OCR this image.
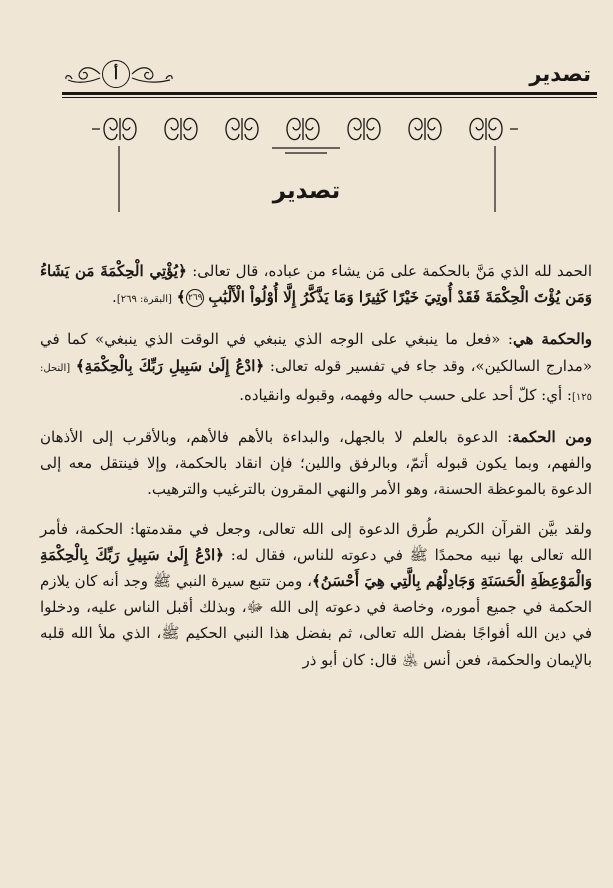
أ	تصدير
تصدير

الحمد لله الذي مَنَّ بالحكمة على مَن يشاء من عباده، قال تعالى: ﴿يُؤْتِي الْحِكْمَةَ مَن يَشَاءُ وَمَن يُؤْتَ الْحِكْمَةَ فَقَدْ أُوتِيَ خَيْرًا كَثِيرًا وَمَا يَذَّكَّرُ إِلَّا أُوْلُواْ الْأَلْبَٰبِ ٢٦٩﴾ [البقرة: ٢٦٩].

والحكمة هي: «فعل ما ينبغي على الوجه الذي ينبغي في الوقت الذي ينبغي» كما في «مدارج السالكين»، وقد جاء في تفسير قوله تعالى: ﴿ادْعُ إِلَىٰ سَبِيلِ رَبِّكَ بِالْحِكْمَةِ﴾ [النحل: ١٢٥]: أي: كلّ أحد على حسب حاله وفهمه، وقبوله وانقياده.

ومن الحكمة: الدعوة بالعلم لا بالجهل، والبداءة بالأهم فالأهم، وبالأقرب إلى الأذهان والفهم، وبما يكون قبوله أتمّ، وبالرفق واللين؛ فإن انقاد بالحكمة، وإلا فينتقل معه إلى الدعوة بالموعظة الحسنة، وهو الأمر والنهي المقرون بالترغيب والترهيب.

ولقد بيَّن القرآن الكريم طُرق الدعوة إلى الله تعالى، وجعل في مقدمتها: الحكمة، فأمر الله تعالى بها نبيه محمدًا ﷺ في دعوته للناس، فقال له: ﴿ادْعُ إِلَىٰ سَبِيلِ رَبِّكَ بِالْحِكْمَةِ وَالْمَوْعِظَةِ الْحَسَنَةِ وَجَادِلْهُم بِالَّتِي هِيَ أَحْسَنُ﴾، ومن تتبع سيرة النبي ﷺ وجد أنه كان يلازم الحكمة في جميع أموره، وخاصة في دعوته إلى الله ﷻ، وبذلك أقبل الناس عليه، ودخلوا في دين الله أفواجًا بفضل الله تعالى، ثم بفضل هذا النبي الحكيم ﷺ، الذي ملأ الله قلبه بالإيمان والحكمة، فعن أنس ﵁ قال: كان أبو ذر
